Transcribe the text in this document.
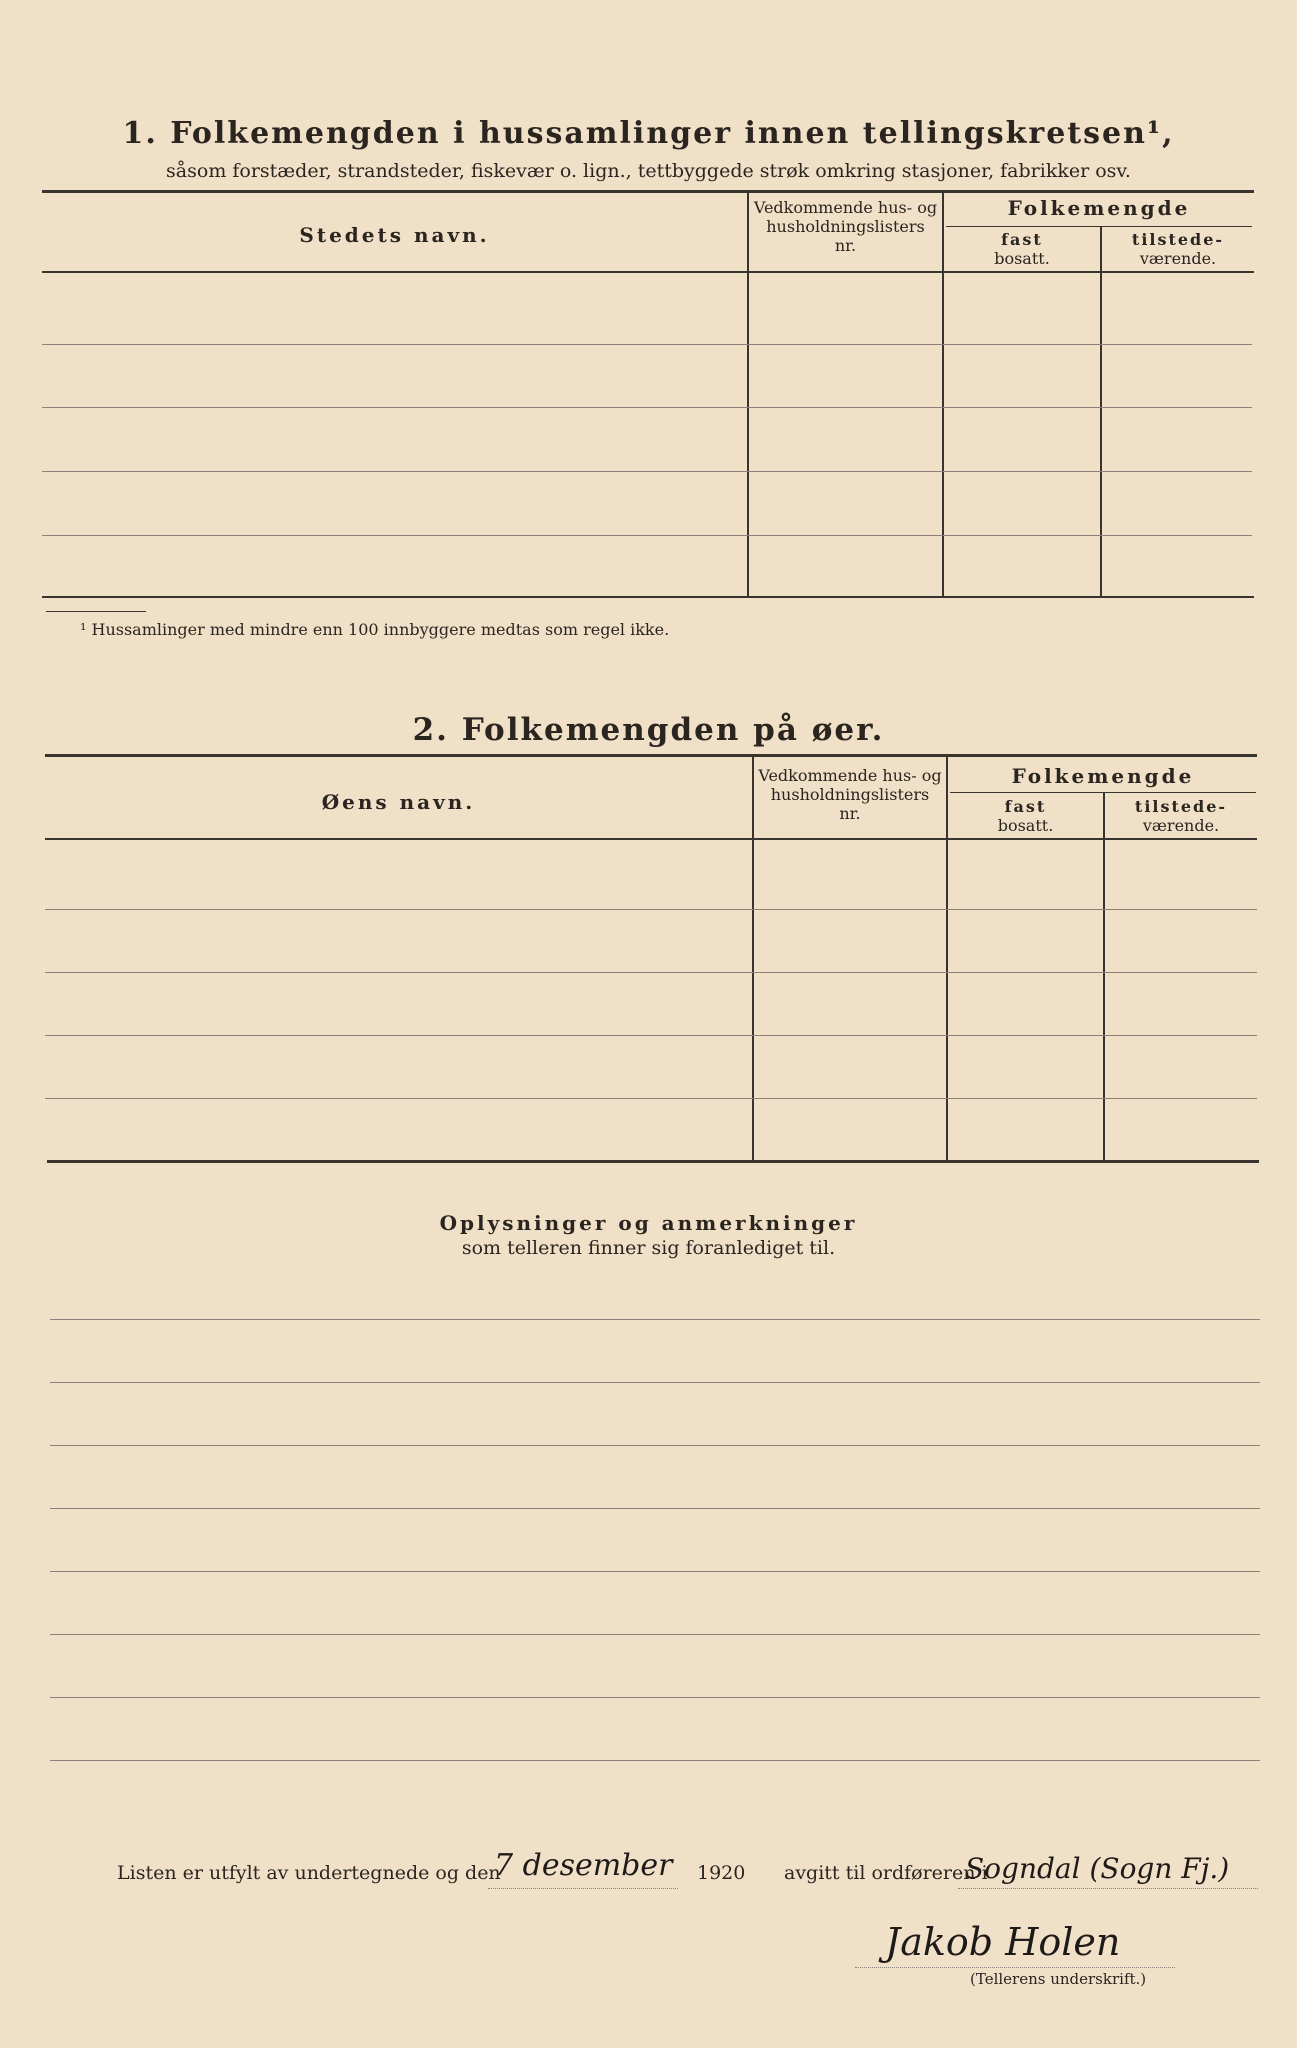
1. Folkemengden i hussamlinger innen tellingskretsen¹,
såsom forstæder, strandsteder, fiskevær o. lign., tettbyggede strøk omkring stasjoner, fabrikker osv.
Stedets navn.
Vedkommende hus- og
husholdningslisters
nr.
Folkemengde
fast
bosatt.
tilstede-
værende.
¹ Hussamlinger med mindre enn 100 innbyggere medtas som regel ikke.
2. Folkemengden på øer.
Øens navn.
Vedkommende hus- og
husholdningslisters
nr.
Folkemengde
fast
bosatt.
tilstede-
værende.
Oplysninger og anmerkninger
som telleren finner sig foranlediget til.
Listen er utfylt av undertegnede og den
7 desember 1920 avgitt til ordføreren i
Sogndal (Sogn Fj.)
Jakob Holen
(Tellerens underskrift.)
